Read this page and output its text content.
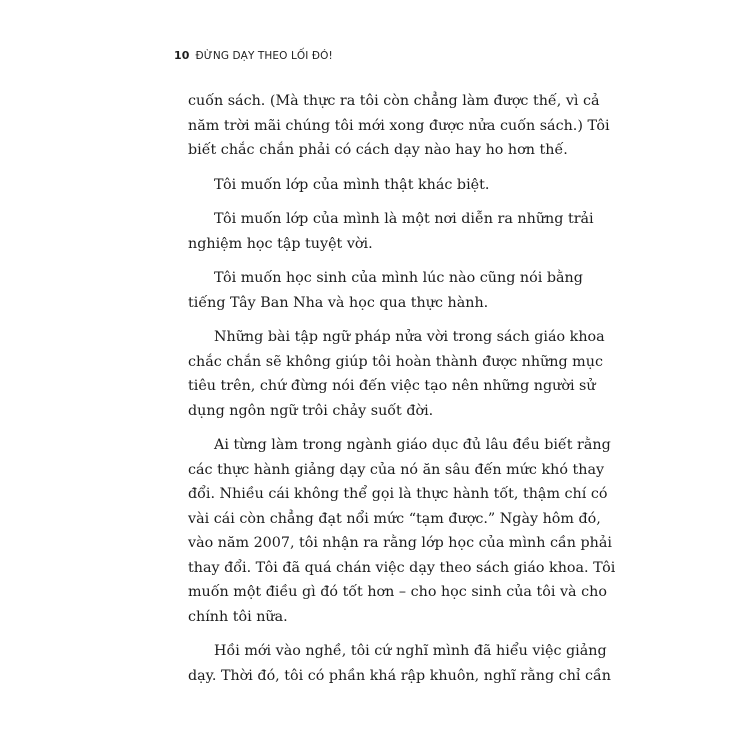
10 ĐỪNG DẠY THEO LỐI ĐÓ!

cuốn sách. (Mà thực ra tôi còn chẳng làm được thế, vì cả
năm trời mãi chúng tôi mới xong được nửa cuốn sách.) Tôi
biết chắc chắn phải có cách dạy nào hay ho hơn thế.

Tôi muốn lớp của mình thật khác biệt.

Tôi muốn lớp của mình là một nơi diễn ra những trải
nghiệm học tập tuyệt vời.

Tôi muốn học sinh của mình lúc nào cũng nói bằng
tiếng Tây Ban Nha và học qua thực hành.

Những bài tập ngữ pháp nửa vời trong sách giáo khoa
chắc chắn sẽ không giúp tôi hoàn thành được những mục
tiêu trên, chứ đừng nói đến việc tạo nên những người sử
dụng ngôn ngữ trôi chảy suốt đời.

Ai từng làm trong ngành giáo dục đủ lâu đều biết rằng
các thực hành giảng dạy của nó ăn sâu đến mức khó thay
đổi. Nhiều cái không thể gọi là thực hành tốt, thậm chí có
vài cái còn chẳng đạt nổi mức “tạm được.” Ngày hôm đó,
vào năm 2007, tôi nhận ra rằng lớp học của mình cần phải
thay đổi. Tôi đã quá chán việc dạy theo sách giáo khoa. Tôi
muốn một điều gì đó tốt hơn – cho học sinh của tôi và cho
chính tôi nữa.

Hồi mới vào nghề, tôi cứ nghĩ mình đã hiểu việc giảng
dạy. Thời đó, tôi có phần khá rập khuôn, nghĩ rằng chỉ cần
